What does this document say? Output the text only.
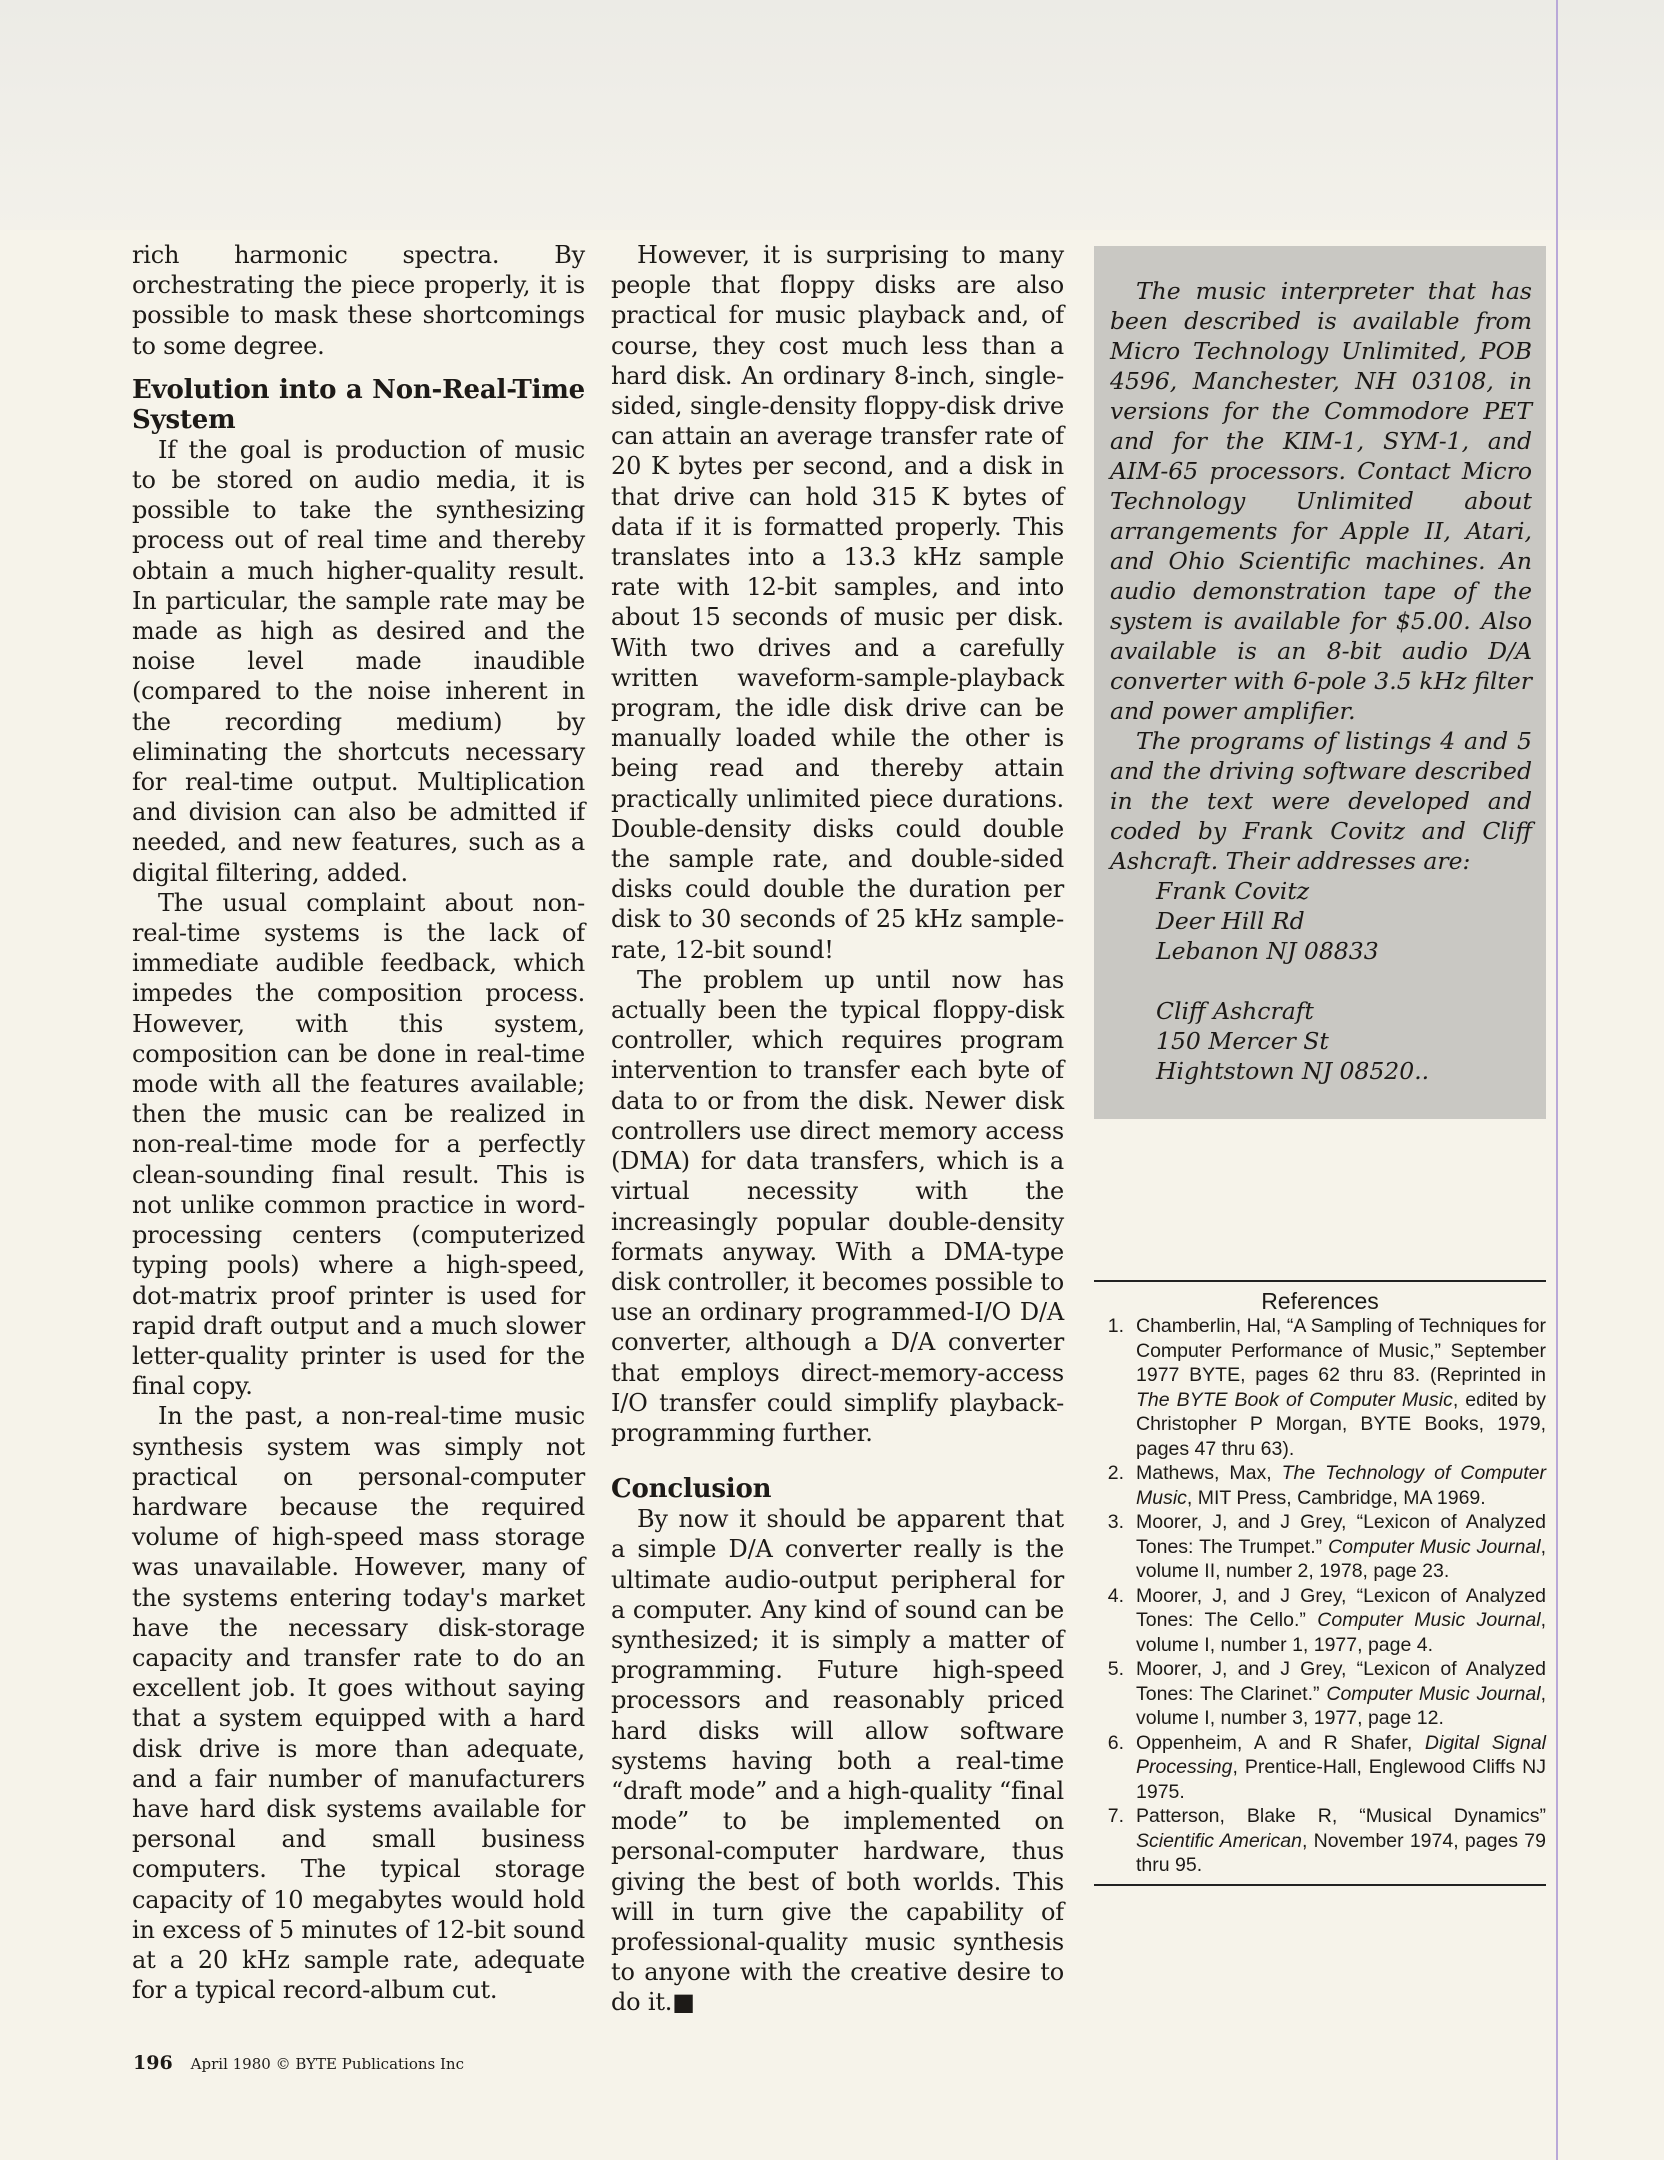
rich harmonic spectra. By orchestrating the piece properly, it is possible to mask these shortcomings to some degree.

Evolution into a Non-Real-Time System

If the goal is production of music to be stored on audio media, it is possible to take the synthesizing process out of real time and thereby obtain a much higher-quality result. In particular, the sample rate may be made as high as desired and the noise level made inaudible (compared to the noise inherent in the recording medium) by eliminating the shortcuts necessary for real-time output. Multiplication and division can also be admitted if needed, and new features, such as a digital filtering, added.

The usual complaint about non-real-time systems is the lack of immediate audible feedback, which impedes the composition process. However, with this system, composition can be done in real-time mode with all the features available; then the music can be realized in non-real-time mode for a perfectly clean-sounding final result. This is not unlike common practice in word-processing centers (computerized typing pools) where a high-speed, dot-matrix proof printer is used for rapid draft output and a much slower letter-quality printer is used for the final copy.

In the past, a non-real-time music synthesis system was simply not practical on personal-computer hardware because the required volume of high-speed mass storage was unavailable. However, many of the systems entering today's market have the necessary disk-storage capacity and transfer rate to do an excellent job. It goes without saying that a system equipped with a hard disk drive is more than adequate, and a fair number of manufacturers have hard disk systems available for personal and small business computers. The typical storage capacity of 10 megabytes would hold in excess of 5 minutes of 12-bit sound at a 20 kHz sample rate, adequate for a typical record-album cut.

However, it is surprising to many people that floppy disks are also practical for music playback and, of course, they cost much less than a hard disk. An ordinary 8-inch, single-sided, single-density floppy-disk drive can attain an average transfer rate of 20 K bytes per second, and a disk in that drive can hold 315 K bytes of data if it is formatted properly. This translates into a 13.3 kHz sample rate with 12-bit samples, and into about 15 seconds of music per disk. With two drives and a carefully written waveform-sample-playback program, the idle disk drive can be manually loaded while the other is being read and thereby attain practically unlimited piece durations. Double-density disks could double the sample rate, and double-sided disks could double the duration per disk to 30 seconds of 25 kHz sample-rate, 12-bit sound!

The problem up until now has actually been the typical floppy-disk controller, which requires program intervention to transfer each byte of data to or from the disk. Newer disk controllers use direct memory access (DMA) for data transfers, which is a virtual necessity with the increasingly popular double-density formats anyway. With a DMA-type disk controller, it becomes possible to use an ordinary programmed-I/O D/A converter, although a D/A converter that employs direct-memory-access I/O transfer could simplify playback-programming further.

Conclusion

By now it should be apparent that a simple D/A converter really is the ultimate audio-output peripheral for a computer. Any kind of sound can be synthesized; it is simply a matter of programming. Future high-speed processors and reasonably priced hard disks will allow software systems having both a real-time “draft mode” and a high-quality “final mode” to be implemented on personal-computer hardware, thus giving the best of both worlds. This will in turn give the capability of professional-quality music synthesis to anyone with the creative desire to do it.■

The music interpreter that has been described is available from Micro Technology Unlimited, POB 4596, Manchester, NH 03108, in versions for the Commodore PET and for the KIM-1, SYM-1, and AIM-65 processors. Contact Micro Technology Unlimited about arrangements for Apple II, Atari, and Ohio Scientific machines. An audio demonstration tape of the system is available for $5.00. Also available is an 8-bit audio D/A converter with 6-pole 3.5 kHz filter and power amplifier.

The programs of listings 4 and 5 and the driving software described in the text were developed and coded by Frank Covitz and Cliff Ashcraft. Their addresses are:

Frank Covitz
Deer Hill Rd
Lebanon NJ 08833
Cliff Ashcraft
150 Mercer St
Hightstown NJ 08520..
References
1. Chamberlin, Hal, “A Sampling of Techniques for Computer Performance of Music,” September 1977 BYTE, pages 62 thru 83. (Reprinted in The BYTE Book of Computer Music, edited by Christopher P Morgan, BYTE Books, 1979, pages 47 thru 63).
2. Mathews, Max, The Technology of Computer Music, MIT Press, Cambridge, MA 1969.
3. Moorer, J, and J Grey, “Lexicon of Analyzed Tones: The Trumpet.” Computer Music Journal, volume II, number 2, 1978, page 23.
4. Moorer, J, and J Grey, “Lexicon of Analyzed Tones: The Cello.” Computer Music Journal, volume I, number 1, 1977, page 4.
5. Moorer, J, and J Grey, “Lexicon of Analyzed Tones: The Clarinet.” Computer Music Journal, volume I, number 3, 1977, page 12.
6. Oppenheim, A and R Shafer, Digital Signal Processing, Prentice-Hall, Englewood Cliffs NJ 1975.
7. Patterson, Blake R, “Musical Dynamics” Scientific American, November 1974, pages 79 thru 95.
196 April 1980 © BYTE Publications Inc
